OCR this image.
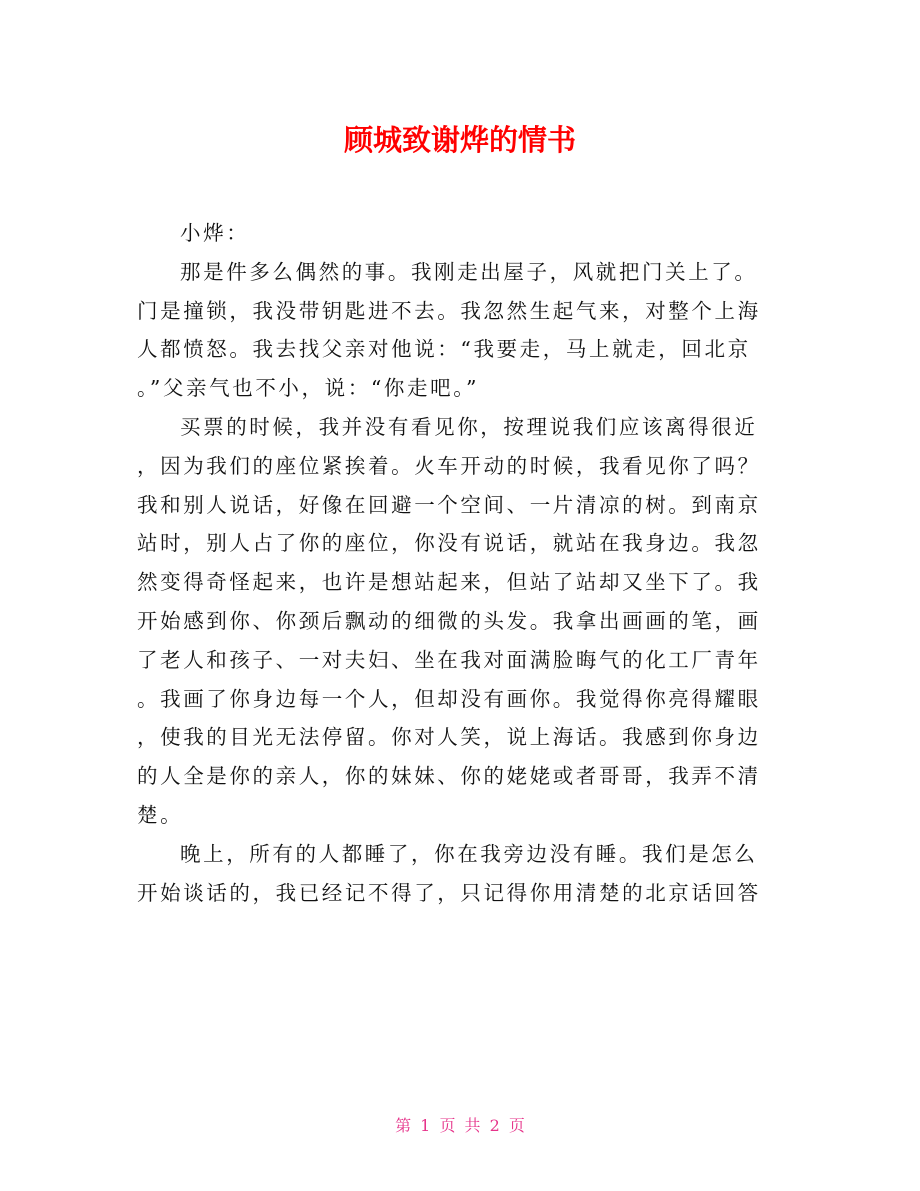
顾城致谢烨的情书
小烨：
那是件多么偶然的事。我刚走出屋子，风就把门关上了。
门是撞锁，我没带钥匙进不去。我忽然生起气来，对整个上海
人都愤怒。我去找父亲对他说：“我要走，马上就走，回北京
。”父亲气也不小，说：“你走吧。”
买票的时候，我并没有看见你，按理说我们应该离得很近
，因为我们的座位紧挨着。火车开动的时候，我看见你了吗？
我和别人说话，好像在回避一个空间、一片清凉的树。到南京
站时，别人占了你的座位，你没有说话，就站在我身边。我忽
然变得奇怪起来，也许是想站起来，但站了站却又坐下了。我
开始感到你、你颈后飘动的细微的头发。我拿出画画的笔，画
了老人和孩子、一对夫妇、坐在我对面满脸晦气的化工厂青年
。我画了你身边每一个人，但却没有画你。我觉得你亮得耀眼
，使我的目光无法停留。你对人笑，说上海话。我感到你身边
的人全是你的亲人，你的妹妹、你的姥姥或者哥哥，我弄不清
楚。
晚上，所有的人都睡了，你在我旁边没有睡。我们是怎么
开始谈话的，我已经记不得了，只记得你用清楚的北京话回答
第 1 页 共 2 页
